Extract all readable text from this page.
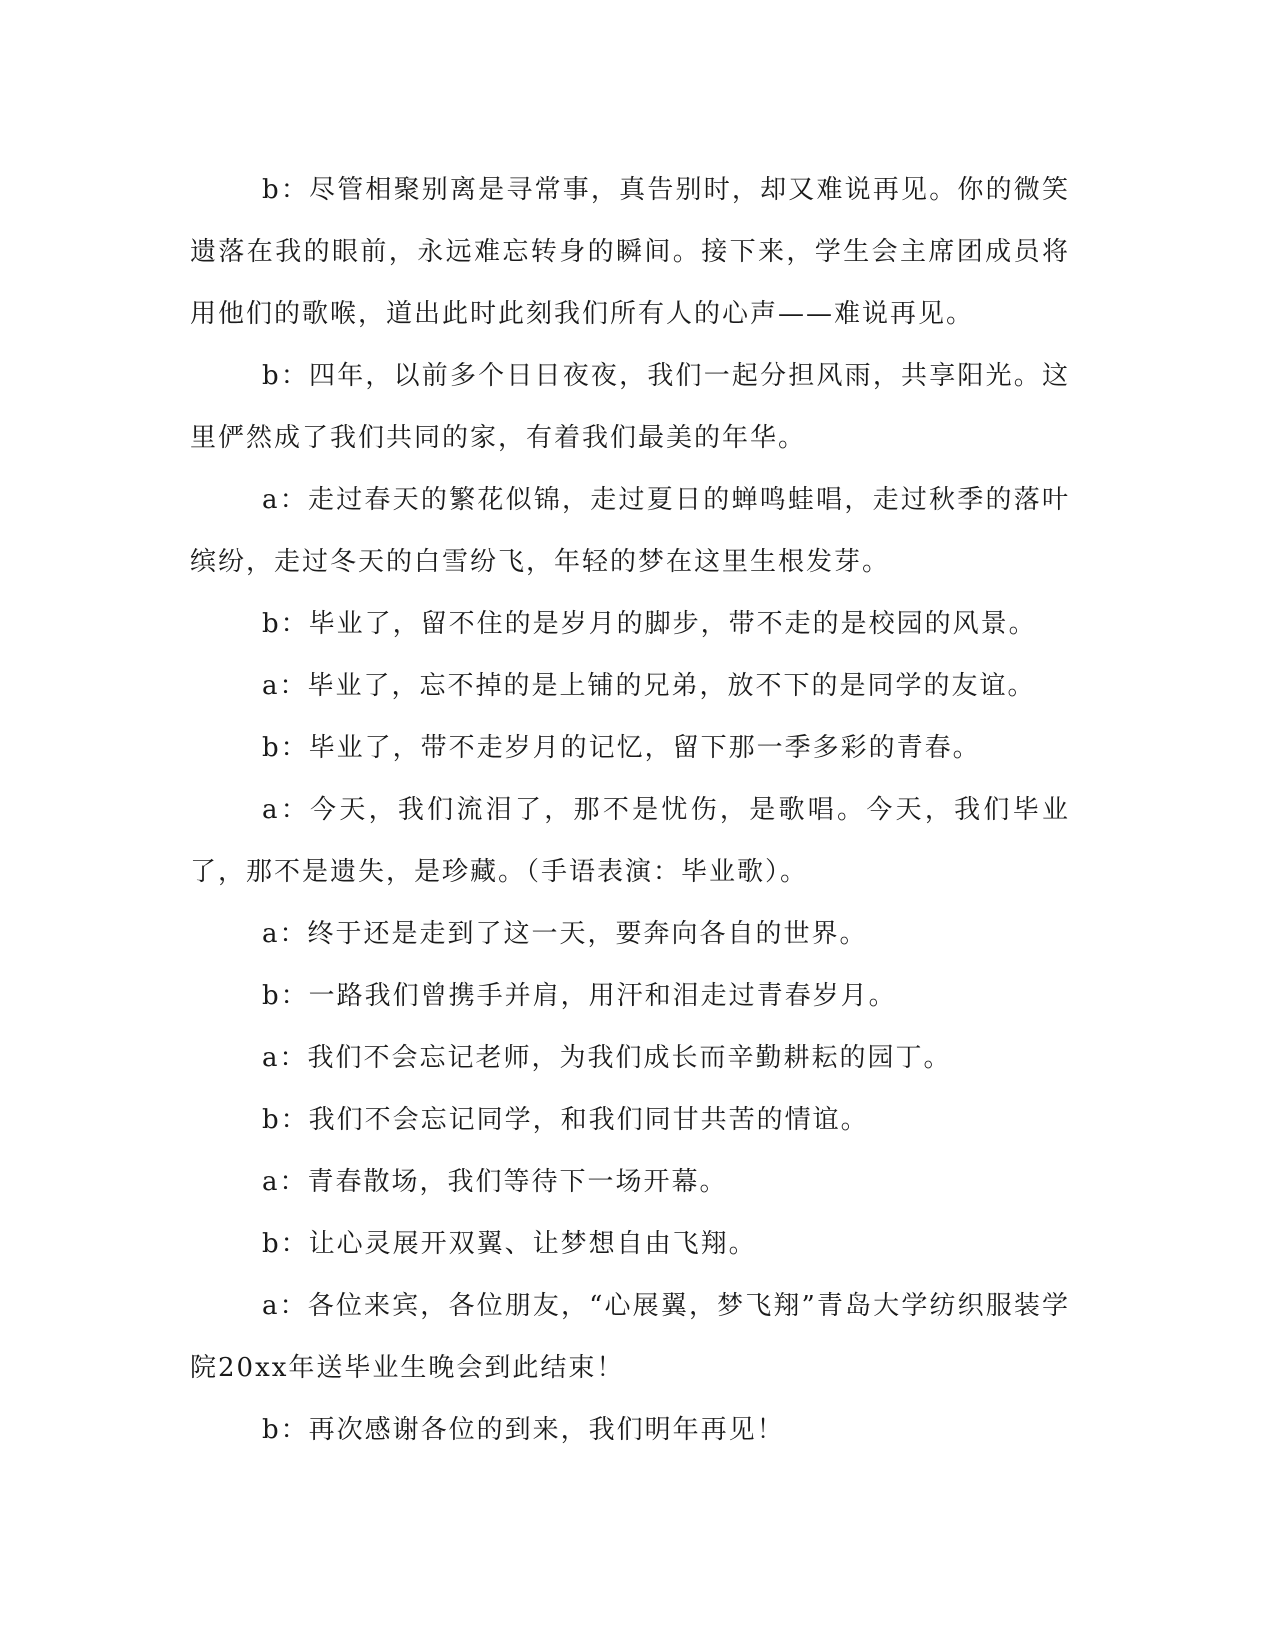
b：尽管相聚别离是寻常事，真告别时，却又难说再见。你的微笑遗落在我的眼前，永远难忘转身的瞬间。接下来，学生会主席团成员将用他们的歌喉，道出此时此刻我们所有人的心声——难说再见。

b：四年，以前多个日日夜夜，我们一起分担风雨，共享阳光。这里俨然成了我们共同的家，有着我们最美的年华。

a：走过春天的繁花似锦，走过夏日的蝉鸣蛙唱，走过秋季的落叶缤纷，走过冬天的白雪纷飞，年轻的梦在这里生根发芽。

b：毕业了，留不住的是岁月的脚步，带不走的是校园的风景。

a：毕业了，忘不掉的是上铺的兄弟，放不下的是同学的友谊。

b：毕业了，带不走岁月的记忆，留下那一季多彩的青春。

a：今天，我们流泪了，那不是忧伤，是歌唱。今天，我们毕业了，那不是遗失，是珍藏。（手语表演：毕业歌）。

a：终于还是走到了这一天，要奔向各自的世界。

b：一路我们曾携手并肩，用汗和泪走过青春岁月。

a：我们不会忘记老师，为我们成长而辛勤耕耘的园丁。

b：我们不会忘记同学，和我们同甘共苦的情谊。

a：青春散场，我们等待下一场开幕。

b：让心灵展开双翼、让梦想自由飞翔。

a：各位来宾，各位朋友，“心展翼，梦飞翔”青岛大学纺织服装学院20xx年送毕业生晚会到此结束！

b：再次感谢各位的到来，我们明年再见！
